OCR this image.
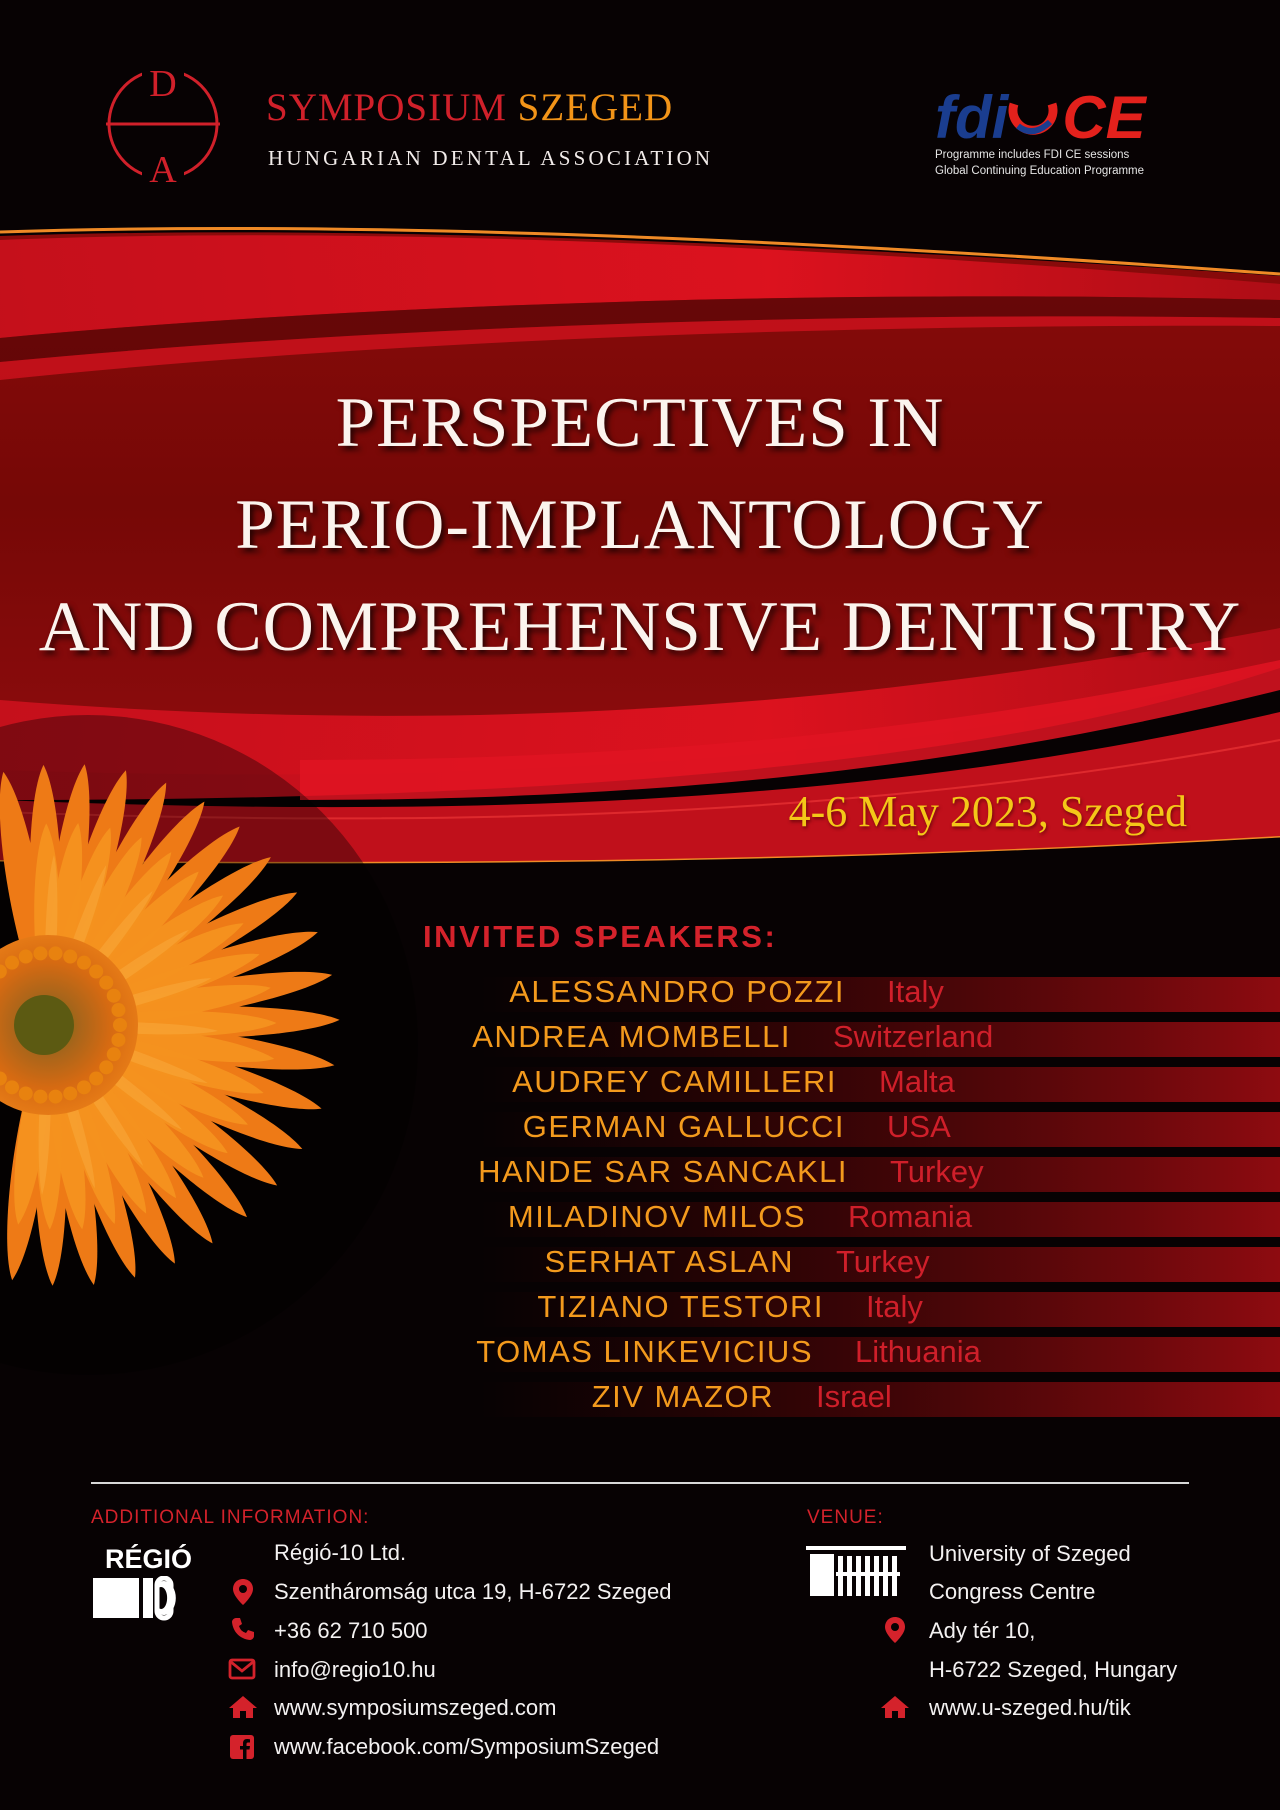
D
A
SYMPOSIUM SZEGED
HUNGARIAN DENTAL ASSOCIATION
fdi CE
Programme includes FDI CE sessions
Global Continuing Education Programme
PERSPECTIVES IN
PERIO-IMPLANTOLOGY
AND COMPREHENSIVE DENTISTRY
4-6 May 2023, Szeged
INVITED SPEAKERS:
ALESSANDRO POZZI Italy
ANDREA MOMBELLI Switzerland
AUDREY CAMILLERI Malta
GERMAN GALLUCCI USA
HANDE SAR SANCAKLI Turkey
MILADINOV MILOS Romania
SERHAT ASLAN Turkey
TIZIANO TESTORI Italy
TOMAS LINKEVICIUS Lithuania
ZIV MAZOR Israel
ADDITIONAL INFORMATION:	VENUE:
RÉGIÓ	Régió-10 Ltd.
Szentháromság utca 19, H-6722 Szeged
+36 62 710 500
info@regio10.hu
www.symposiumszeged.com
www.facebook.com/SymposiumSzeged
University of Szeged
Congress Centre
Ady tér 10,
H-6722 Szeged, Hungary
www.u-szeged.hu/tik
